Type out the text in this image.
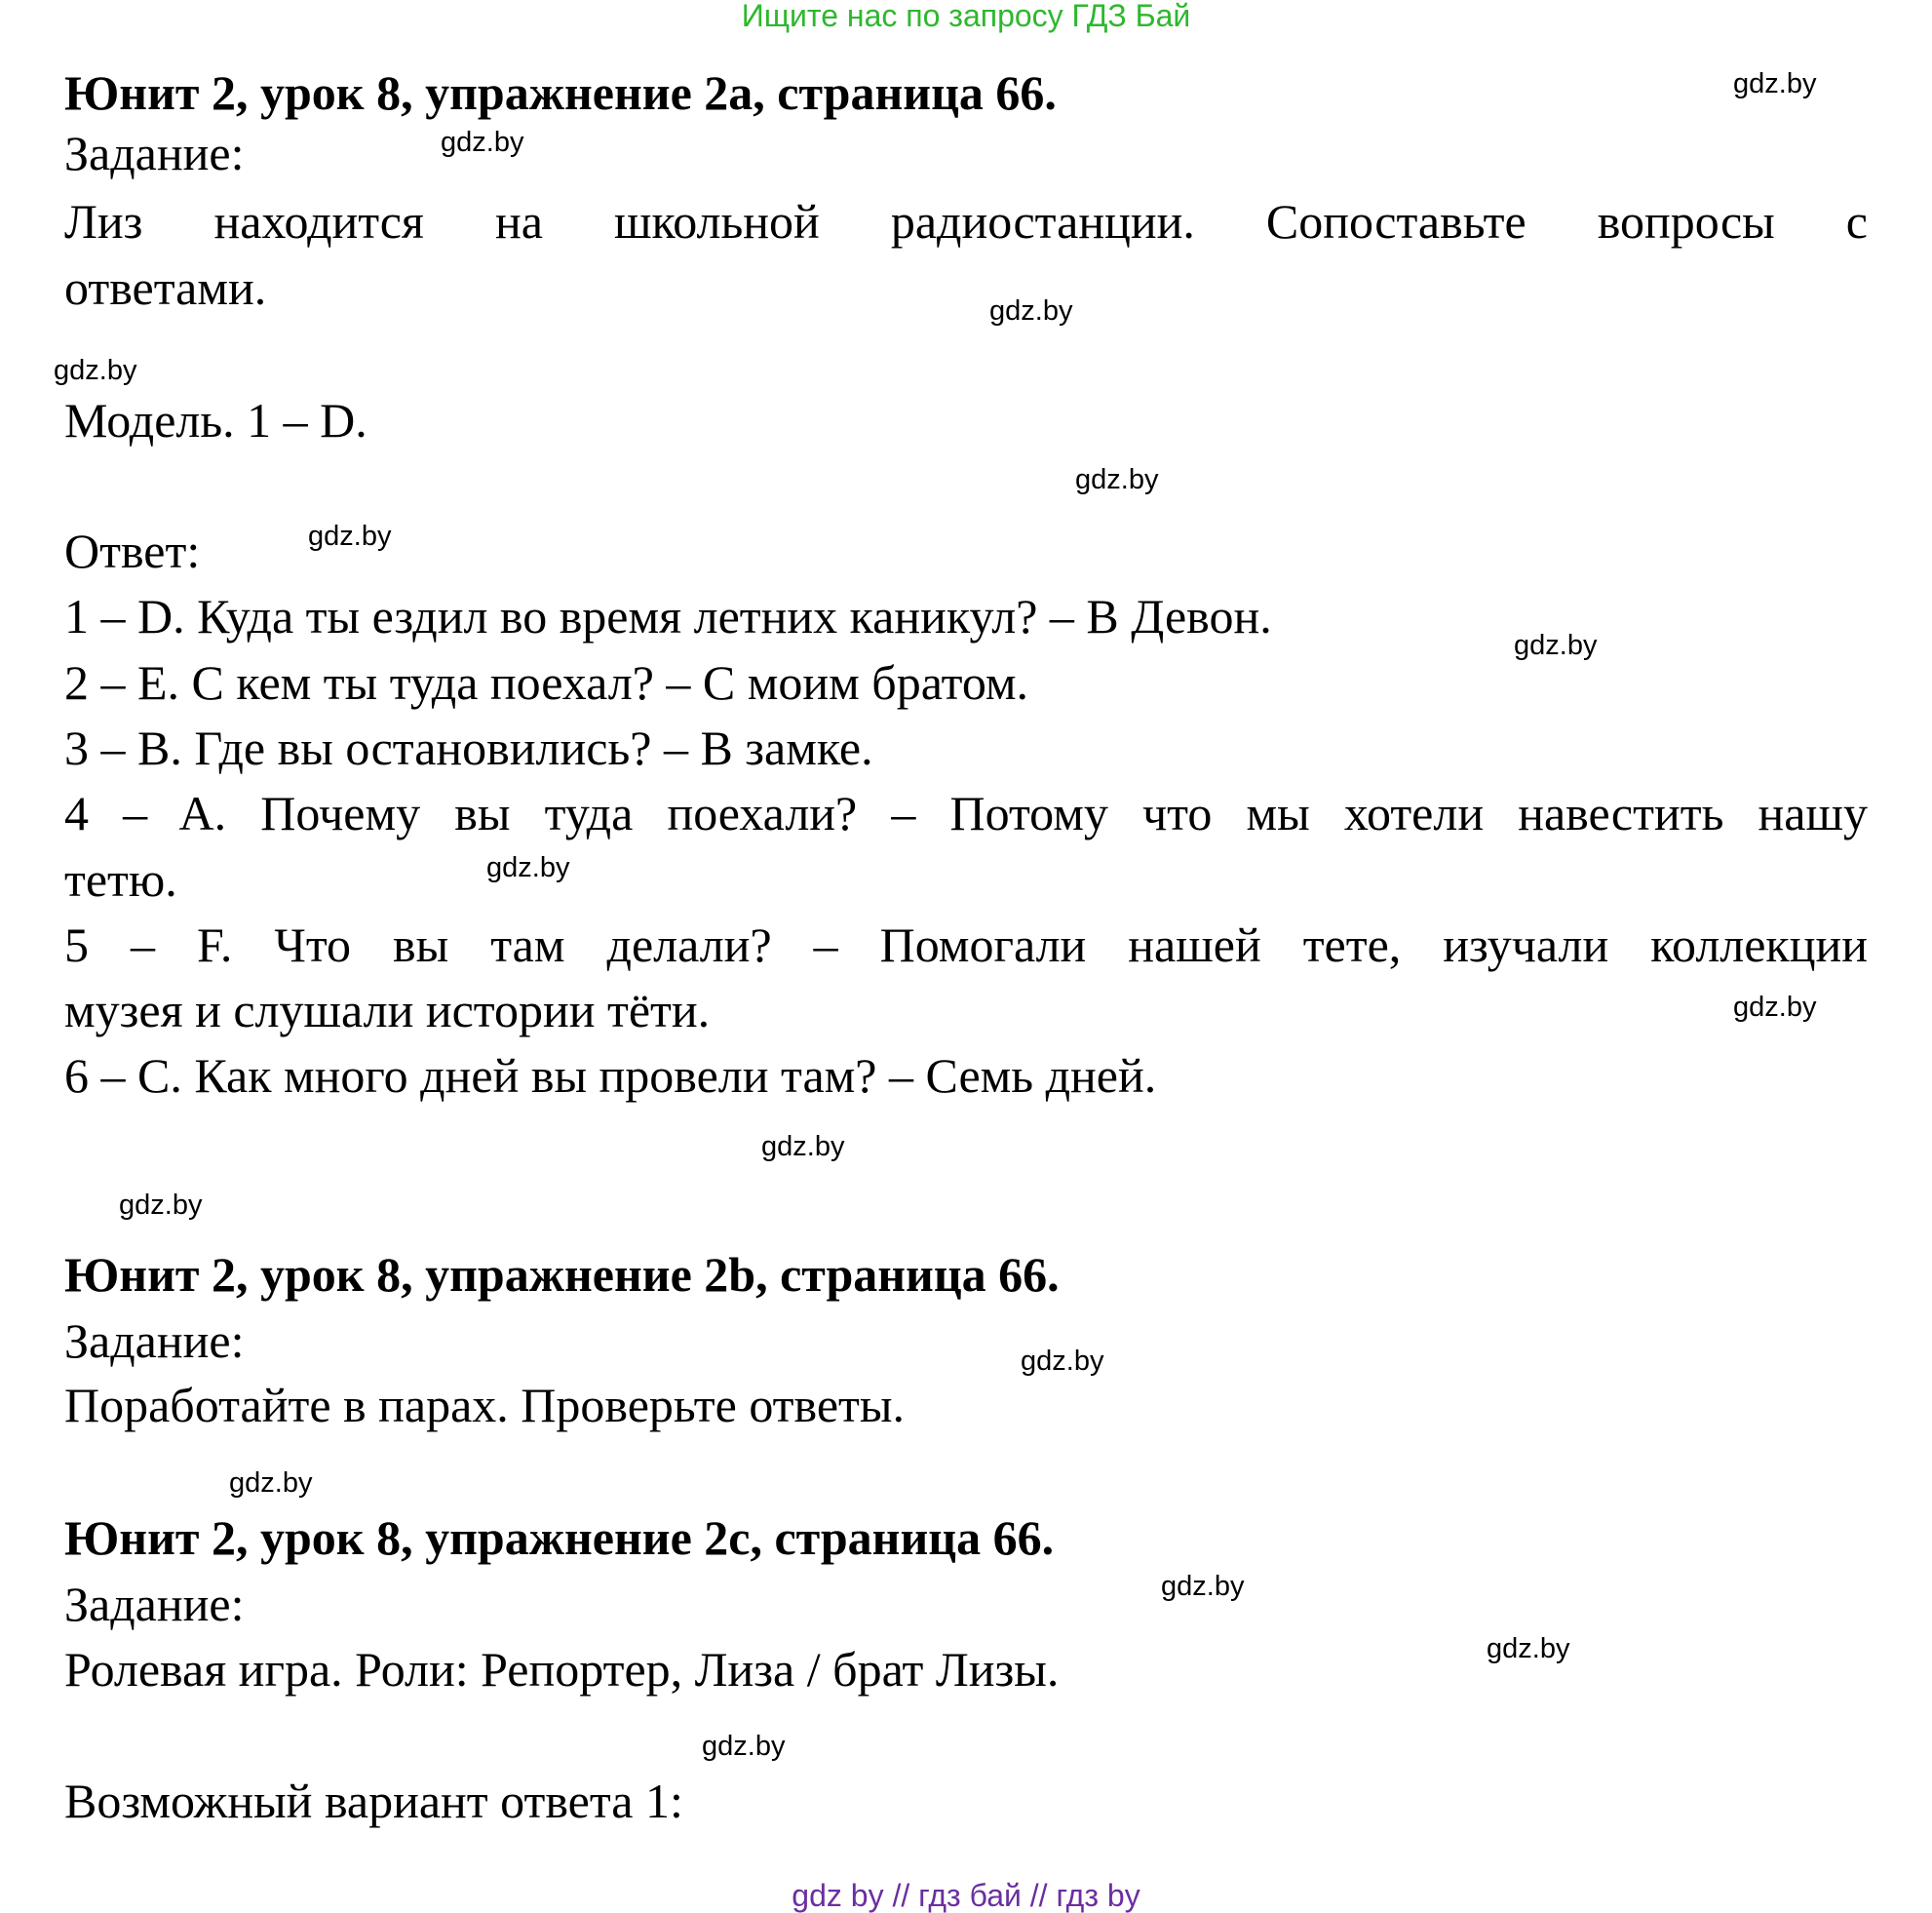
Ищите нас по запросу ГДЗ Бай
Юнит 2, урок 8, упражнение 2a, страница 66.
Задание:
Лиз находится на школьной радиостанции. Сопоставьте вопросы с
ответами.
Модель. 1 – D.
Ответ:
1 – D. Куда ты ездил во время летних каникул? – В Девон.
2 – E. С кем ты туда поехал? – С моим братом.
3 – B. Где вы остановились? – В замке.
4 – A. Почему вы туда поехали? – Потому что мы хотели навестить нашу
тетю.
5 – F. Что вы там делали? – Помогали нашей тете, изучали коллекции
музея и слушали истории тёти.
6 – C. Как много дней вы провели там? – Семь дней.
Юнит 2, урок 8, упражнение 2b, страница 66.
Задание:
Поработайте в парах. Проверьте ответы.
Юнит 2, урок 8, упражнение 2c, страница 66.
Задание:
Ролевая игра. Роли: Репортер, Лиза / брат Лизы.
Возможный вариант ответа 1:
gdz.by
gdz.by
gdz.by
gdz.by
gdz.by
gdz.by
gdz.by
gdz.by
gdz.by
gdz.by
gdz.by
gdz.by
gdz.by
gdz.by
gdz.by
gdz.by
gdz by // гдз бай // гдз by
